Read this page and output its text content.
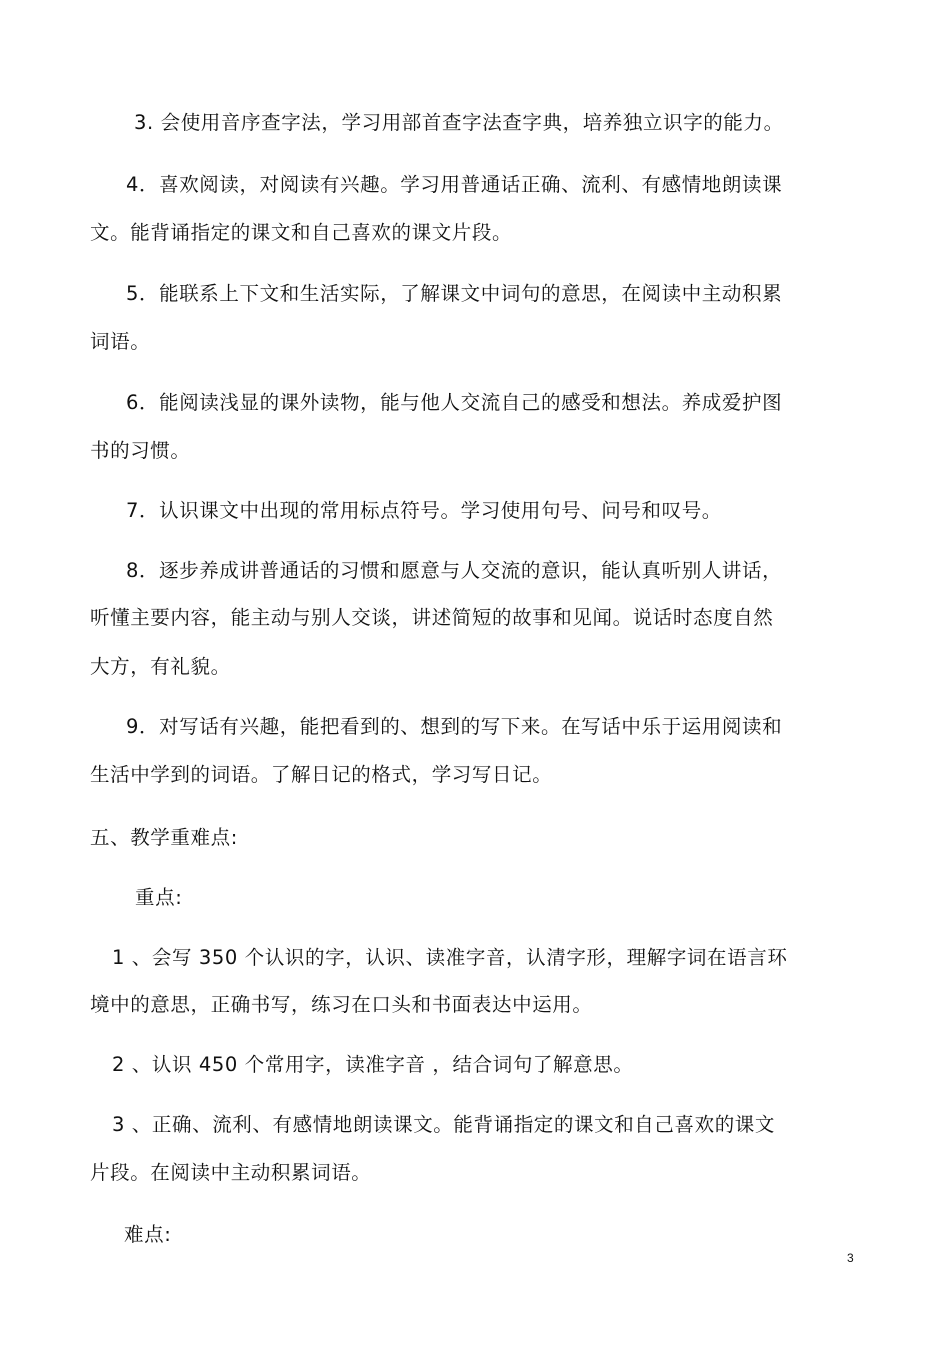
3. 会使用音序查字法，学习用部首查字法查字典，培养独立识字的能力。
4．喜欢阅读，对阅读有兴趣。学习用普通话正确、流利、有感情地朗读课
文。能背诵指定的课文和自己喜欢的课文片段。
5．能联系上下文和生活实际，了解课文中词句的意思，在阅读中主动积累
词语。
6．能阅读浅显的课外读物，能与他人交流自己的感受和想法。养成爱护图
书的习惯。
7．认识课文中出现的常用标点符号。学习使用句号、问号和叹号。
8．逐步养成讲普通话的习惯和愿意与人交流的意识，能认真听别人讲话，
听懂主要内容，能主动与别人交谈，讲述简短的故事和见闻。说话时态度自然
大方，有礼貌。
9．对写话有兴趣，能把看到的、想到的写下来。在写话中乐于运用阅读和
生活中学到的词语。了解日记的格式，学习写日记。
五、教学重难点:
重点:
1 、会写 350 个认识的字，认识、读准字音，认清字形，理解字词在语言环
境中的意思，正确书写，练习在口头和书面表达中运用。
2 、认识 450 个常用字，读准字音 ，结合词句了解意思。
3 、正确、流利、有感情地朗读课文。能背诵指定的课文和自己喜欢的课文
片段。在阅读中主动积累词语。
难点:
3
